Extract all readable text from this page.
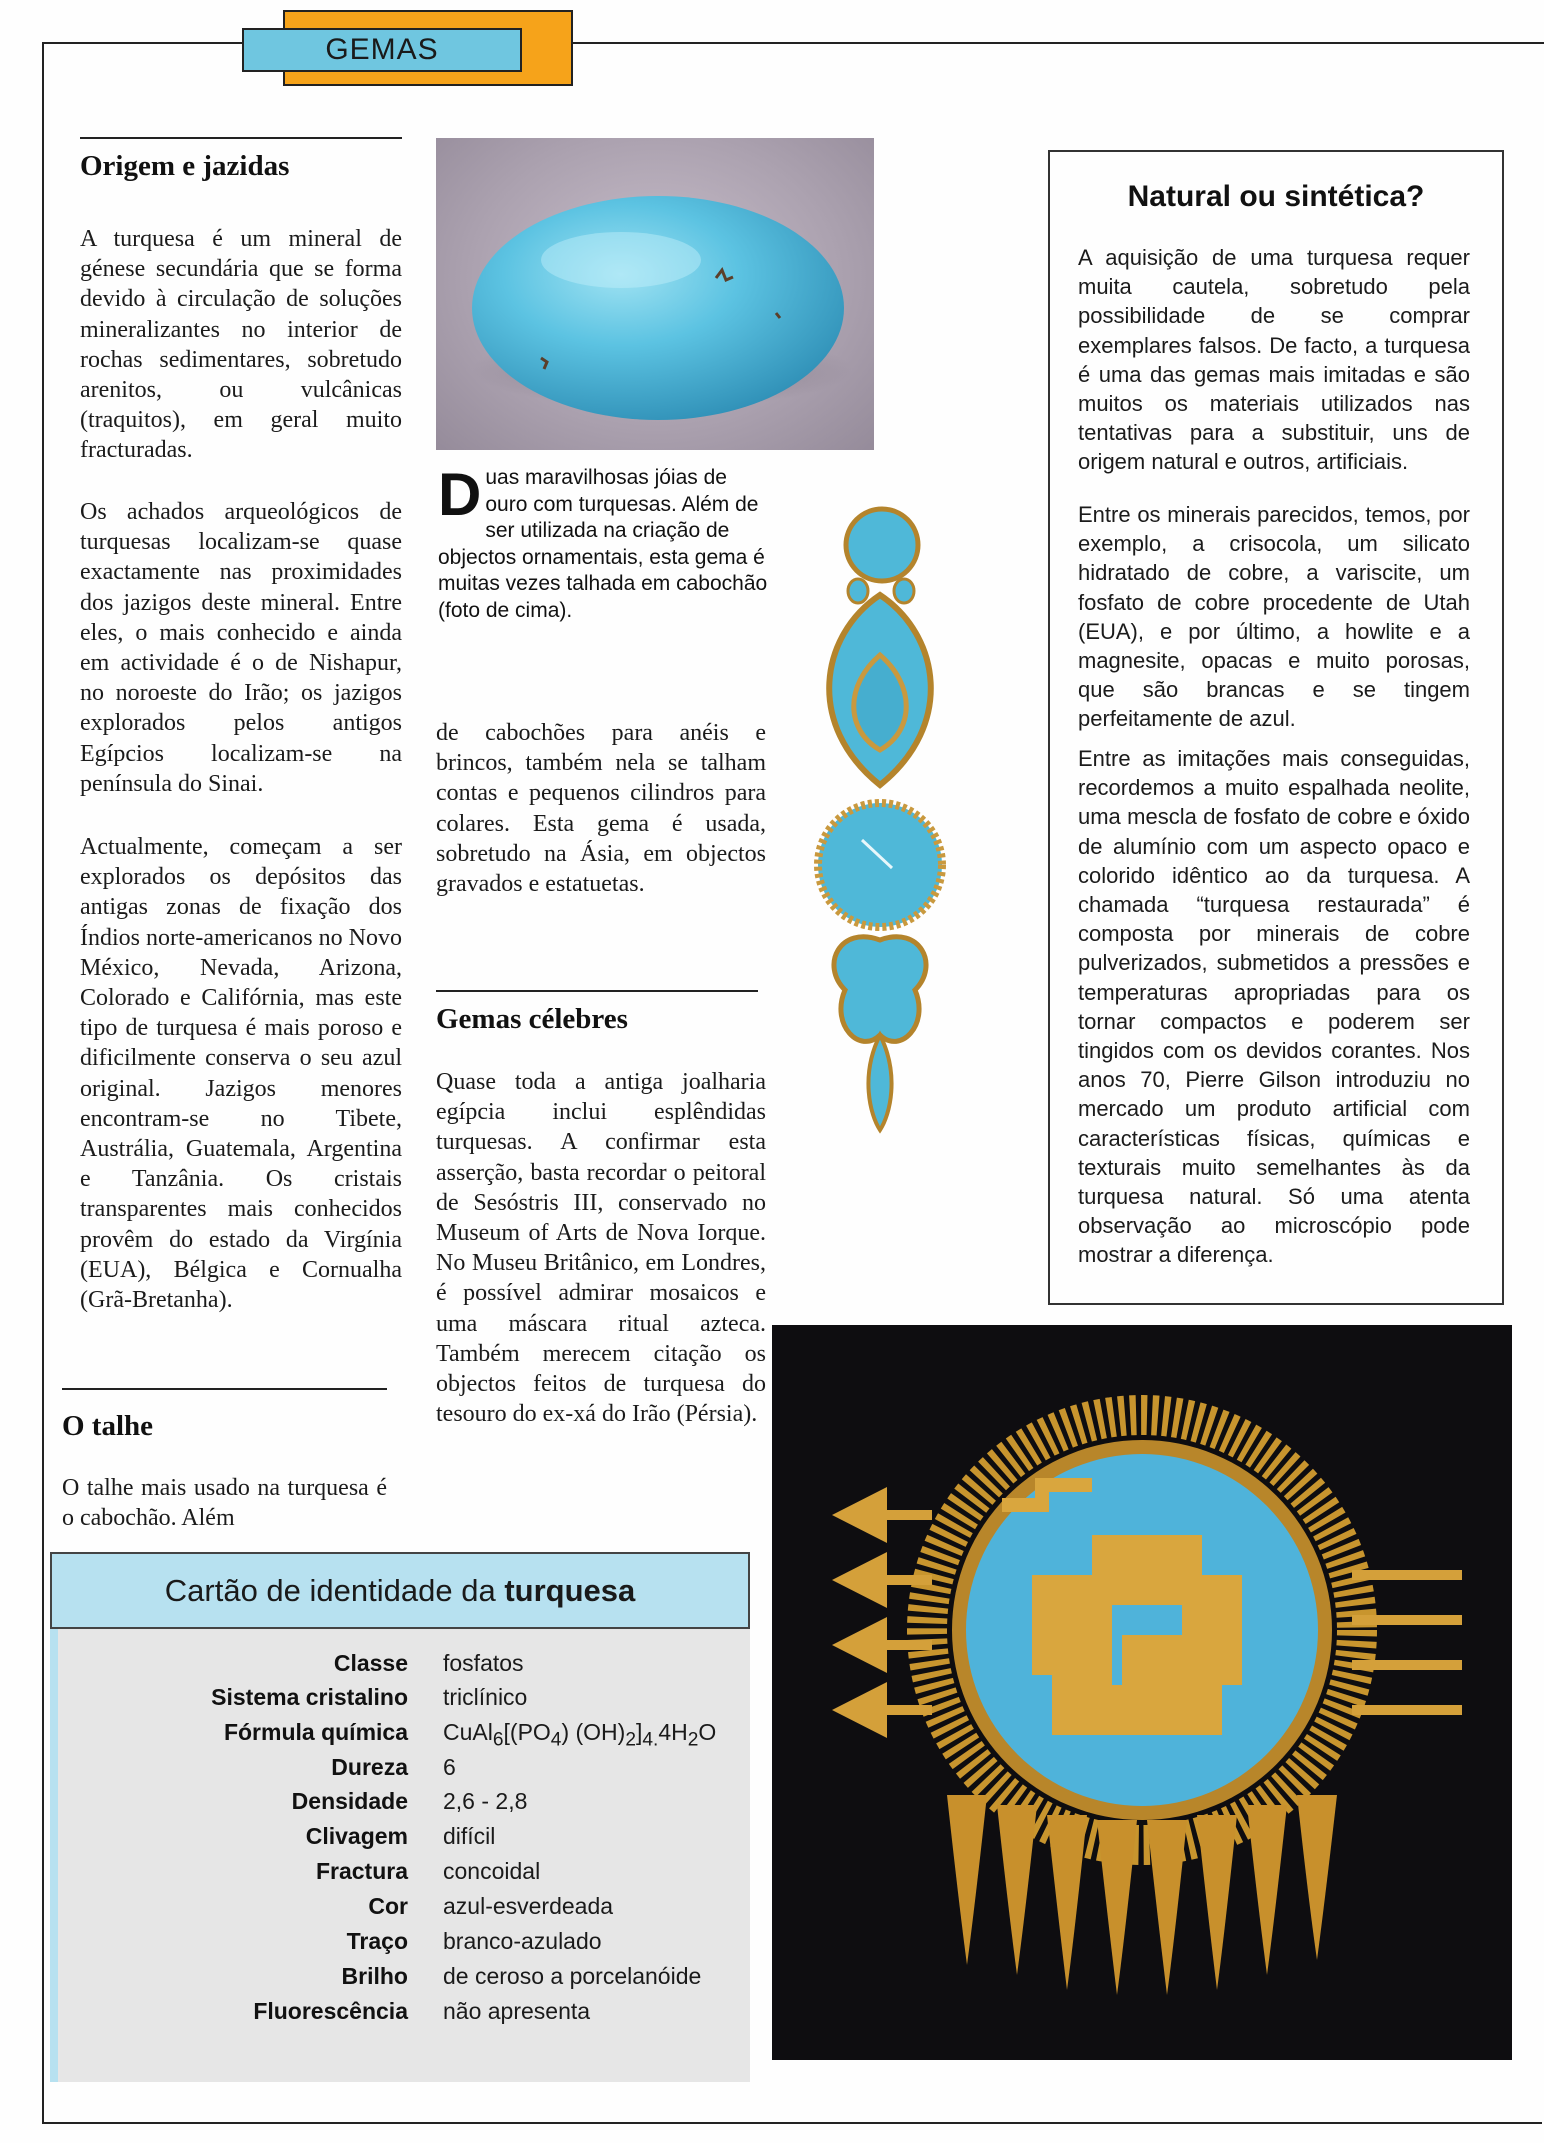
GEMAS
Origem e jazidas
A turquesa é um mineral de génese secundária que se forma devido à circulação de soluções mineralizantes no interior de rochas sedimentares, sobretudo arenitos, ou vulcânicas (traquitos), em geral muito fracturadas.
Os achados arqueológicos de turquesas localizam-se quase exactamente nas proximidades dos jazigos deste mineral. Entre eles, o mais conhecido e ainda em actividade é o de Nishapur, no noroeste do Irão; os jazigos explorados pelos antigos Egípcios localizam-se na península do Sinai.
Actualmente, começam a ser explorados os depósitos das antigas zonas de fixação dos Índios norte-americanos no Novo México, Nevada, Arizona, Colorado e Califórnia, mas este tipo de turquesa é mais poroso e dificilmente conserva o seu azul original. Jazigos menores encontram-se no Tibete, Austrália, Guatemala, Argentina e Tanzânia. Os cristais transparentes mais conhecidos provêm do estado da Virgínia (EUA), Bélgica e Cornualha (Grã-Bretanha).
O talhe
O talhe mais usado na turquesa é o cabochão. Além
D uas maravilhosas jóias de ouro com turquesas. Além de ser utilizada na criação de objectos ornamentais, esta gema é muitas vezes talhada em cabochão (foto de cima).
de cabochões para anéis e brincos, também nela se talham contas e pequenos cilindros para colares. Esta gema é usada, sobretudo na Ásia, em objectos gravados e estatuetas.
Gemas célebres
Quase toda a antiga joalharia egípcia inclui esplêndidas turquesas. A confirmar esta asserção, basta recordar o peitoral de Sesóstris III, conservado no Museum of Arts de Nova Iorque. No Museu Britânico, em Londres, é possível admirar mosaicos e uma máscara ritual azteca. Também merecem citação os objectos feitos de turquesa do tesouro do ex-xá do Irão (Pérsia).
Natural ou sintética?
A aquisição de uma turquesa requer muita cautela, sobretudo pela possibilidade de se comprar exemplares falsos. De facto, a turquesa é uma das gemas mais imitadas e são muitos os materiais utilizados nas tentativas para a substituir, uns de origem natural e outros, artificiais.
Entre os minerais parecidos, temos, por exemplo, a crisocola, um silicato hidratado de cobre, a variscite, um fosfato de cobre procedente de Utah (EUA), e por último, a howlite e a magnesite, opacas e muito porosas, que são brancas e se tingem perfeitamente de azul.
Entre as imitações mais conseguidas, recordemos a muito espalhada neolite, uma mescla de fosfato de cobre e óxido de alumínio com um aspecto opaco e colorido idêntico ao da turquesa. A chamada “turquesa restaurada” é composta por minerais de cobre pulverizados, submetidos a pressões e temperaturas apropriadas para os tornar compactos e poderem ser tingidos com os devidos corantes. Nos anos 70, Pierre Gilson introduziu no mercado um produto artificial com características físicas, químicas e texturais muito semelhantes às da turquesa natural. Só uma atenta observação ao microscópio pode mostrar a diferença.
Cartão de identidade da turquesa
Classe fosfatos
Sistema cristalino triclínico
Fórmula química $CuAl_6[(PO_4)$ $(OH)_2]_{4.}4H_2O$
Dureza 6
Densidade 2,6 - 2,8
Clivagem difícil
Fractura concoidal
Cor azul-esverdeada
Traço branco-azulado
Brilho de ceroso a porcelanóide
Fluorescência não apresenta
